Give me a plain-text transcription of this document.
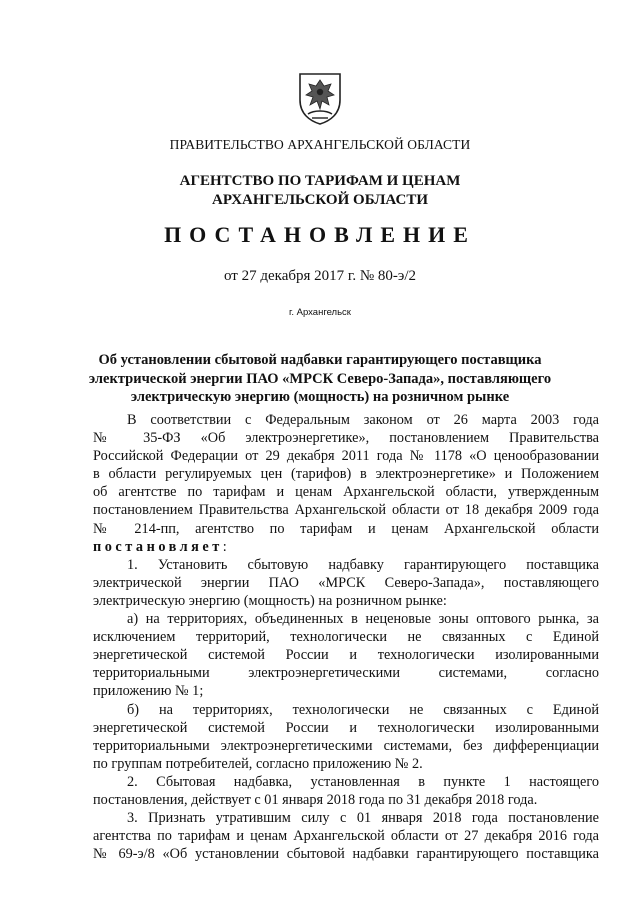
ПРАВИТЕЛЬСТВО АРХАНГЕЛЬСКОЙ ОБЛАСТИ
АГЕНТСТВО ПО ТАРИФАМ И ЦЕНАМ
АРХАНГЕЛЬСКОЙ ОБЛАСТИ
ПОСТАНОВЛЕНИЕ
от 27 декабря 2017 г. № 80-э/2
г. Архангельск
Об установлении сбытовой надбавки гарантирующего поставщика
электрической энергии ПАО «МРСК Северо-Запада», поставляющего
электрическую энергию (мощность) на розничном рынке
В соответствии с Федеральным законом от 26 марта 2003 года
№ 35-ФЗ «Об электроэнергетике», постановлением Правительства
Российской Федерации от 29 декабря 2011 года № 1178 «О ценообразовании
в области регулируемых цен (тарифов) в электроэнергетике» и Положением
об агентстве по тарифам и ценам Архангельской области, утвержденным
постановлением Правительства Архангельской области от 18 декабря 2009 года
№ 214-пп, агентство по тарифам и ценам Архангельской области
постановляет:
1. Установить сбытовую надбавку гарантирующего поставщика
электрической энергии ПАО «МРСК Северо-Запада», поставляющего
электрическую энергию (мощность) на розничном рынке:
а) на территориях, объединенных в неценовые зоны оптового рынка, за
исключением территорий, технологически не связанных с Единой
энергетической системой России и технологически изолированными
территориальными электроэнергетическими системами, согласно
приложению № 1;
б) на территориях, технологически не связанных с Единой
энергетической системой России и технологически изолированными
территориальными электроэнергетическими системами, без дифференциации
по группам потребителей, согласно приложению № 2.
2. Сбытовая надбавка, установленная в пункте 1 настоящего
постановления, действует с 01 января 2018 года по 31 декабря 2018 года.
3. Признать утратившим силу с 01 января 2018 года постановление
агентства по тарифам и ценам Архангельской области от 27 декабря 2016 года
№ 69-э/8 «Об установлении сбытовой надбавки гарантирующего поставщика
